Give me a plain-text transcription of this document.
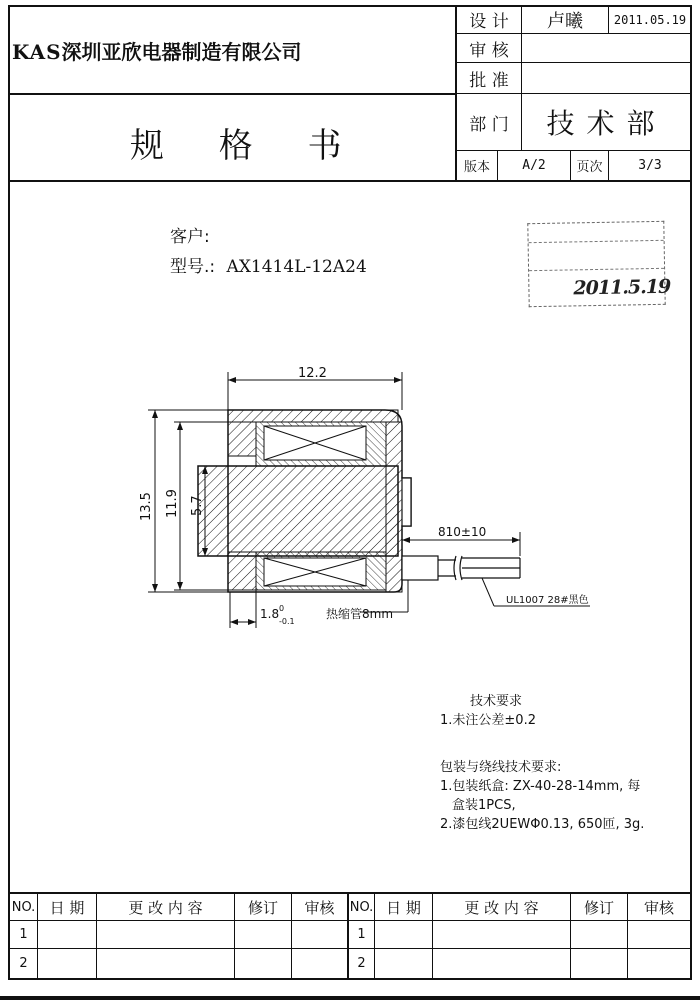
KAS深圳亚欣电器制造有限公司
规 格 书
设 计	卢曦	2011.05.19
审 核
批 准
部 门	技术部
版本	A/2	页次	3/3
客户:
型号.: AX1414L-12A24
2011.5.19
12.2
13.5 11.9 5.7
810±10
1.8 0
-0.1
热缩管8mm
UL1007 28#黑色
技术要求
1.未注公差±0.2
包装与绕线技术要求:
1.包装纸盒: ZX-40-28-14mm, 每
盒装1PCS,
2.漆包线2UEWΦ0.13, 650匝, 3g.
NO. 日 期	更 改 内 容	修订	审核	NO. 日 期	更 改 内 容	修订	审核
1
2
1
2
